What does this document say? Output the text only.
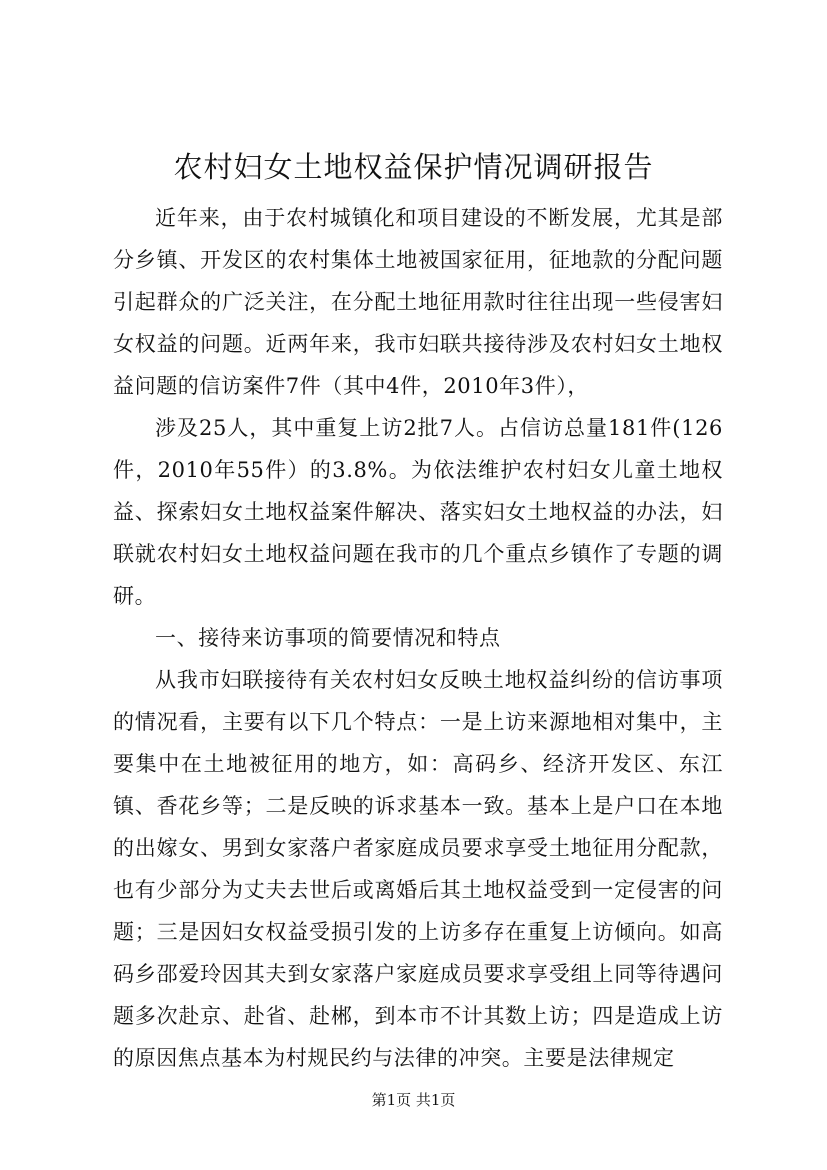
农村妇女土地权益保护情况调研报告

近年来，由于农村城镇化和项目建设的不断发展，尤其是部分乡镇、开发区的农村集体土地被国家征用，征地款的分配问题引起群众的广泛关注，在分配土地征用款时往往出现一些侵害妇女权益的问题。近两年来，我市妇联共接待涉及农村妇女土地权益问题的信访案件7件（其中4件，2010年3件），

涉及25人，其中重复上访2批7人。占信访总量181件(126件，2010年55件）的3.8%。为依法维护农村妇女儿童土地权益、探索妇女土地权益案件解决、落实妇女土地权益的办法，妇联就农村妇女土地权益问题在我市的几个重点乡镇作了专题的调研。

一、接待来访事项的简要情况和特点

从我市妇联接待有关农村妇女反映土地权益纠纷的信访事项的情况看，主要有以下几个特点：一是上访来源地相对集中，主要集中在土地被征用的地方，如：高码乡、经济开发区、东江镇、香花乡等；二是反映的诉求基本一致。基本上是户口在本地的出嫁女、男到女家落户者家庭成员要求享受土地征用分配款，也有少部分为丈夫去世后或离婚后其土地权益受到一定侵害的问题；三是因妇女权益受损引发的上访多存在重复上访倾向。如高码乡邵爱玲因其夫到女家落户家庭成员要求享受组上同等待遇问题多次赴京、赴省、赴郴，到本市不计其数上访；四是造成上访的原因焦点基本为村规民约与法律的冲突。主要是法律规定

第1页 共1页
